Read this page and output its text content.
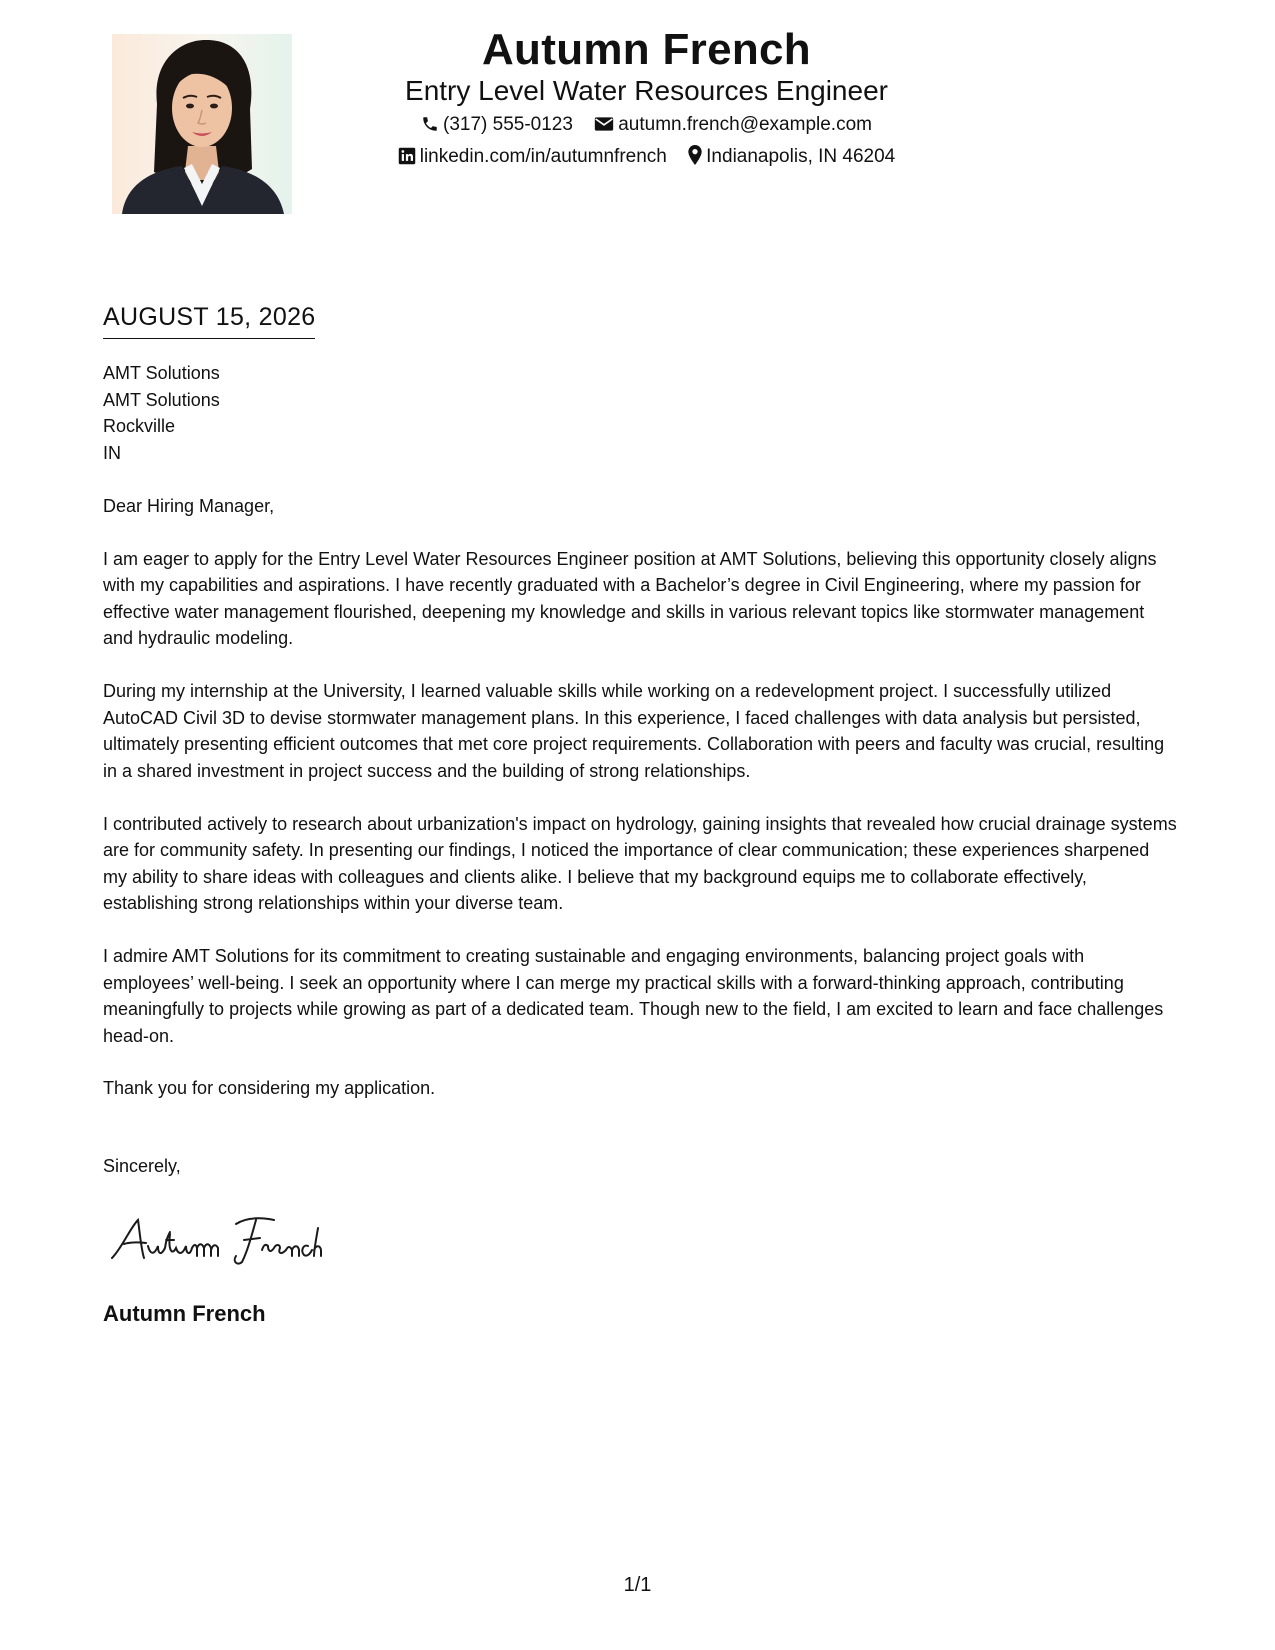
Autumn French
Entry Level Water Resources Engineer
(317) 555-0123 autumn.french@example.com
linkedin.com/in/autumnfrench Indianapolis, IN 46204
AUGUST 15, 2026
AMT Solutions
AMT Solutions
Rockville
IN

Dear Hiring Manager,

I am eager to apply for the Entry Level Water Resources Engineer position at AMT Solutions, believing this opportunity closely aligns with my capabilities and aspirations. I have recently graduated with a Bachelor’s degree in Civil Engineering, where my passion for effective water management flourished, deepening my knowledge and skills in various relevant topics like stormwater management and hydraulic modeling.

During my internship at the University, I learned valuable skills while working on a redevelopment project. I successfully utilized AutoCAD Civil 3D to devise stormwater management plans. In this experience, I faced challenges with data analysis but persisted, ultimately presenting efficient outcomes that met core project requirements. Collaboration with peers and faculty was crucial, resulting in a shared investment in project success and the building of strong relationships.

I contributed actively to research about urbanization's impact on hydrology, gaining insights that revealed how crucial drainage systems are for community safety. In presenting our findings, I noticed the importance of clear communication; these experiences sharpened my ability to share ideas with colleagues and clients alike. I believe that my background equips me to collaborate effectively, establishing strong relationships within your diverse team.

I admire AMT Solutions for its commitment to creating sustainable and engaging environments, balancing project goals with employees’ well-being. I seek an opportunity where I can merge my practical skills with a forward-thinking approach, contributing meaningfully to projects while growing as part of a dedicated team. Though new to the field, I am excited to learn and face challenges head-on.

Thank you for considering my application.

Sincerely,
Autumn French
1/1
